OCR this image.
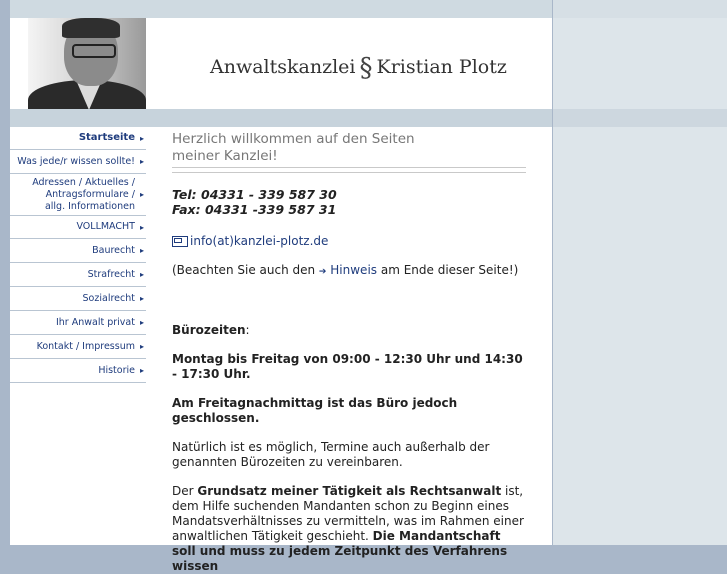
Anwaltskanzlei § Kristian Plotz
Startseite ▸
Was jede/r wissen sollte! ▸
Adressen / Aktuelles / Antragsformulare / allg. Informationen
▸
VOLLMACHT ▸
Baurecht ▸
Strafrecht ▸
Sozialrecht ▸
Ihr Anwalt privat ▸
Kontakt / Impressum ▸
Historie ▸
Herzlich willkommen auf den Seiten
meiner Kanzlei!
Tel: 04331 - 339 587 30
Fax: 04331 -339 587 31
info(at)kanzlei-plotz.de

(Beachten Sie auch den ➔ Hinweis am Ende dieser Seite!)

Bürozeiten:

Montag bis Freitag von 09:00 - 12:30 Uhr und 14:30 - 17:30 Uhr.

Am Freitagnachmittag ist das Büro jedoch geschlossen.

Natürlich ist es möglich, Termine auch außerhalb der genannten Bürozeiten zu vereinbaren.

Der Grundsatz meiner Tätigkeit als Rechtsanwalt ist, dem Hilfe suchenden Mandanten schon zu Beginn eines Mandatsverhältnisses zu vermitteln, was im Rahmen einer anwaltlichen Tätigkeit geschieht. Die Mandantschaft soll und muss zu jedem Zeitpunkt des Verfahrens wissen
